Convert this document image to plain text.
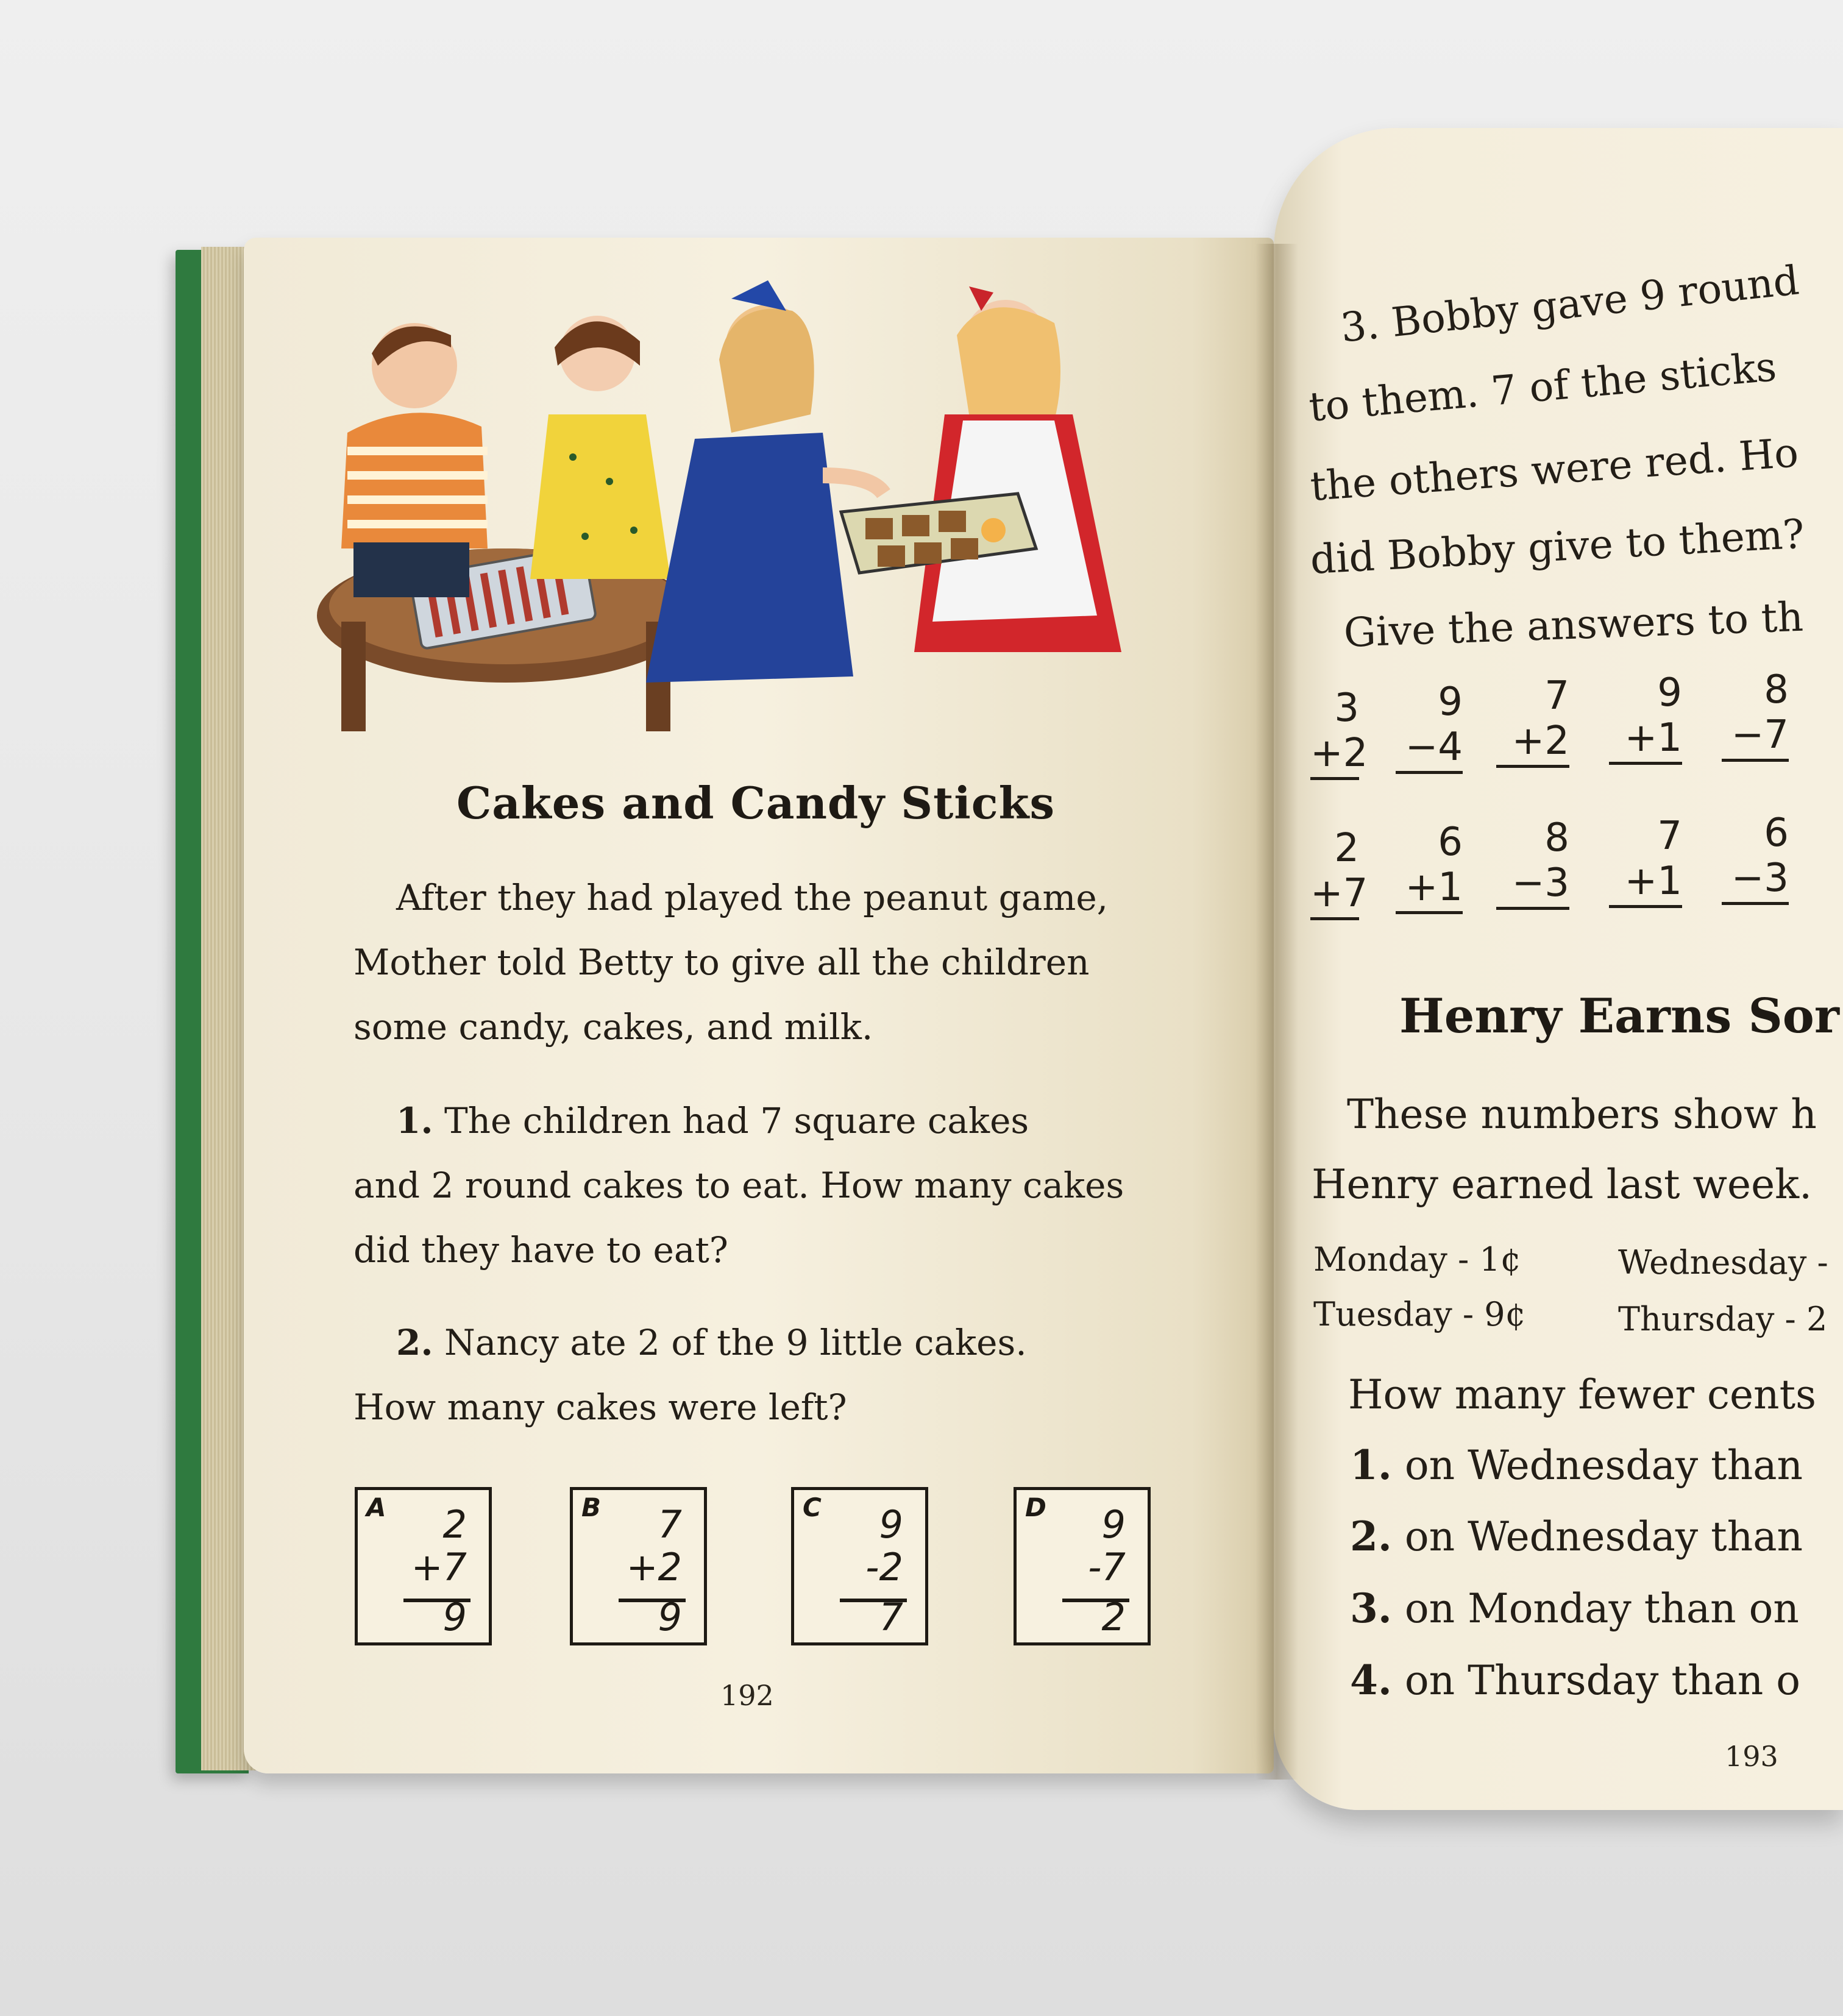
Cakes and Candy Sticks
After they had played the peanut game,
Mother told Betty to give all the children
some candy, cakes, and milk.
1. The children had 7 square cakes
and 2 round cakes to eat. How many cakes
did they have to eat?
2. Nancy ate 2 of the 9 little cakes.
How many cakes were left?
A 2
+7
9
B 7
+2
9
C 9
-2
7
D 9
-7
2
192
3. Bobby gave 9 round
to them. 7 of the sticks
the others were red. Ho
did Bobby give to them?
Give the answers to th
3
+2
9
−4
7
+2
9
+1
8
−7
2
+7
6
+1
8
−3
7
+1
6
−3
Henry Earns Sor
These numbers show h
Henry earned last week.
Monday - 1¢	Wednesday -
Tuesday - 9¢	Thursday - 2
How many fewer cents
1. on Wednesday than
2. on Wednesday than
3. on Monday than on
4. on Thursday than o
193
